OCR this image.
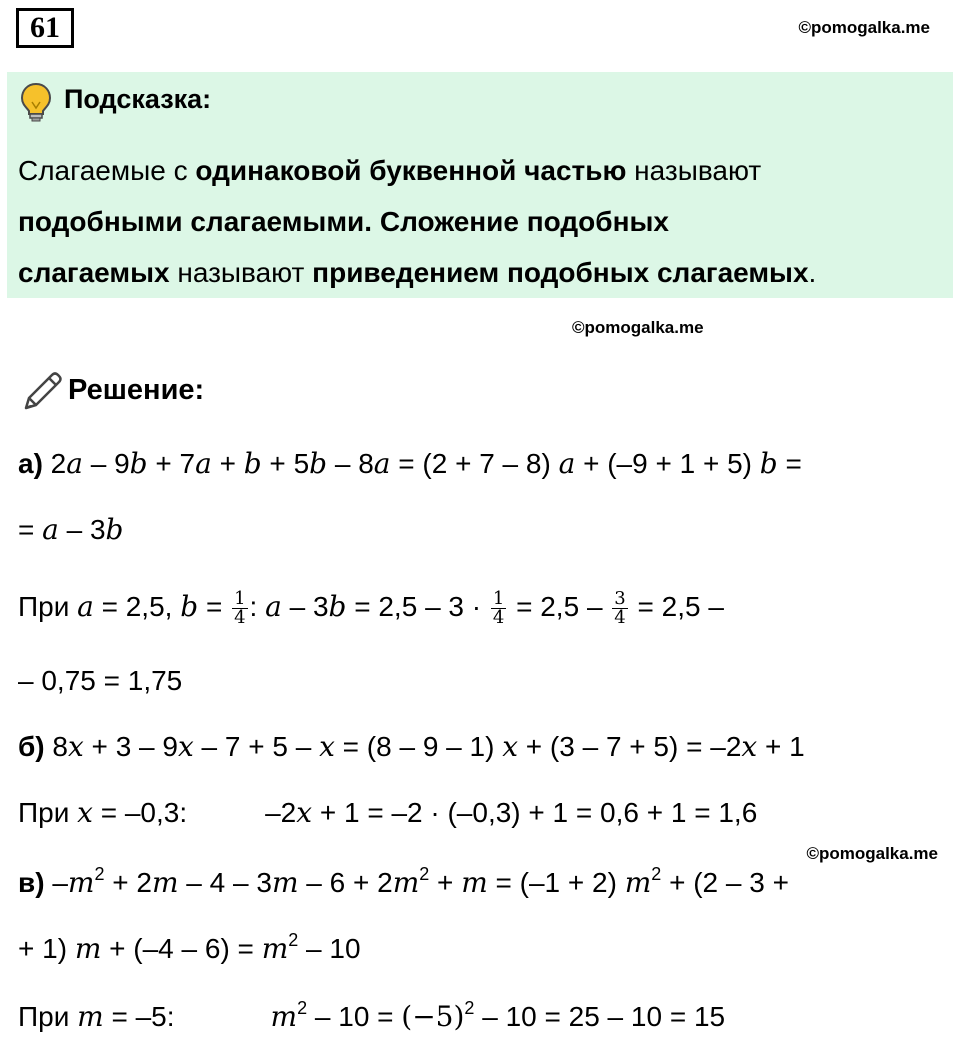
61	©pomogalka.me
Подсказка:
Слагаемые с одинаковой буквенной частью называют
подобными слагаемыми. Сложение подобных
слагаемых называют приведением подобных слагаемых.
©pomogalka.me
Решение:
а) 2a – 9b + 7a + b + 5b – 8a = (2 + 7 – 8) a + (–9 + 1 + 5) b =
= a – 3b
При a = 2,5, $b = \frac{1}{4}$ : $a - 3b = 2,5 - 3 \cdot \frac{1}{4} = 2,5 - \frac{3}{4} = 2,5$ –
– 0,75 = 1,75
б) 8x + 3 – 9x – 7 + 5 – x = (8 – 9 – 1) x + (3 – 7 + 5) = –2x + 1
При x = –0,3:	–2x + 1 = –2 · (–0,3) + 1 = 0,6 + 1 = 1,6
©pomogalka.me
в) $-m^2 + 2m - 4 - 3m - 6 + 2m^2 + m = (-1 + 2) m^2 + (2 - 3$ +
+ 1) $m + (-4 - 6) = m^2 - 10$
При m = –5:	$m^2 - 10 = (-5)^2 - 10 = 25 - 10 = 15$
